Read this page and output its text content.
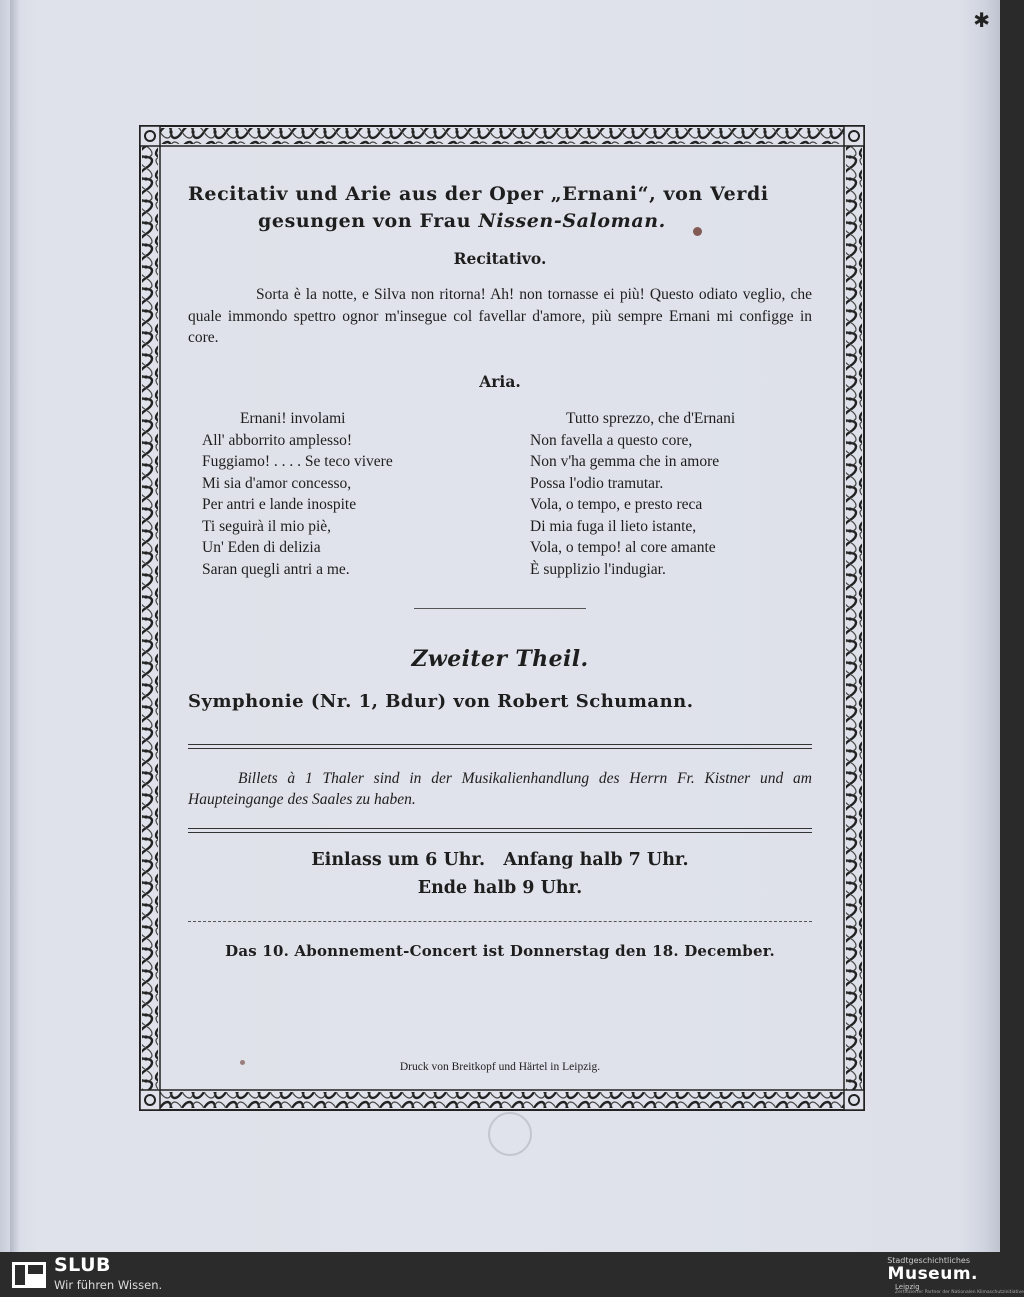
✱
Recitativ und Arie aus der Oper „Ernani“, von Verdi
gesungen von Frau Nissen-Saloman.
Recitativo.
Sorta è la notte, e Silva non ritorna! Ah! non tornasse ei più! Questo odiato veglio, che quale immondo spettro ognor m'insegue col favellar d'amore, più sempre Ernani mi configge in core.
Aria.
Ernani! involami
All' abborrito amplesso!
Fuggiamo! . . . . Se teco vivere
Mi sia d'amor concesso,
Per antri e lande inospite
Ti seguirà il mio piè,
Un' Eden di delizia
Saran quegli antri a me.
Tutto sprezzo, che d'Ernani
Non favella a questo core,
Non v'ha gemma che in amore
Possa l'odio tramutar.
Vola, o tempo, e presto reca
Di mia fuga il lieto istante,
Vola, o tempo! al core amante
È supplizio l'indugiar.
Zweiter Theil.
Symphonie (Nr. 1, Bdur) von Robert Schumann.
Billets à 1 Thaler sind in der Musikalienhandlung des Herrn Fr. Kistner und am Haupteingange des Saales zu haben.
Einlass um 6 Uhr.   Anfang halb 7 Uhr.
Ende halb 9 Uhr.
Das 10. Abonnement-Concert ist Donnerstag den 18. December.
Druck von Breitkopf und Härtel in Leipzig.
SLUB
Wir führen Wissen.
Stadtgeschichtliches
Museum.
Leipzig
Zertifizierter Partner der Nationalen Klimaschutzinitiative
